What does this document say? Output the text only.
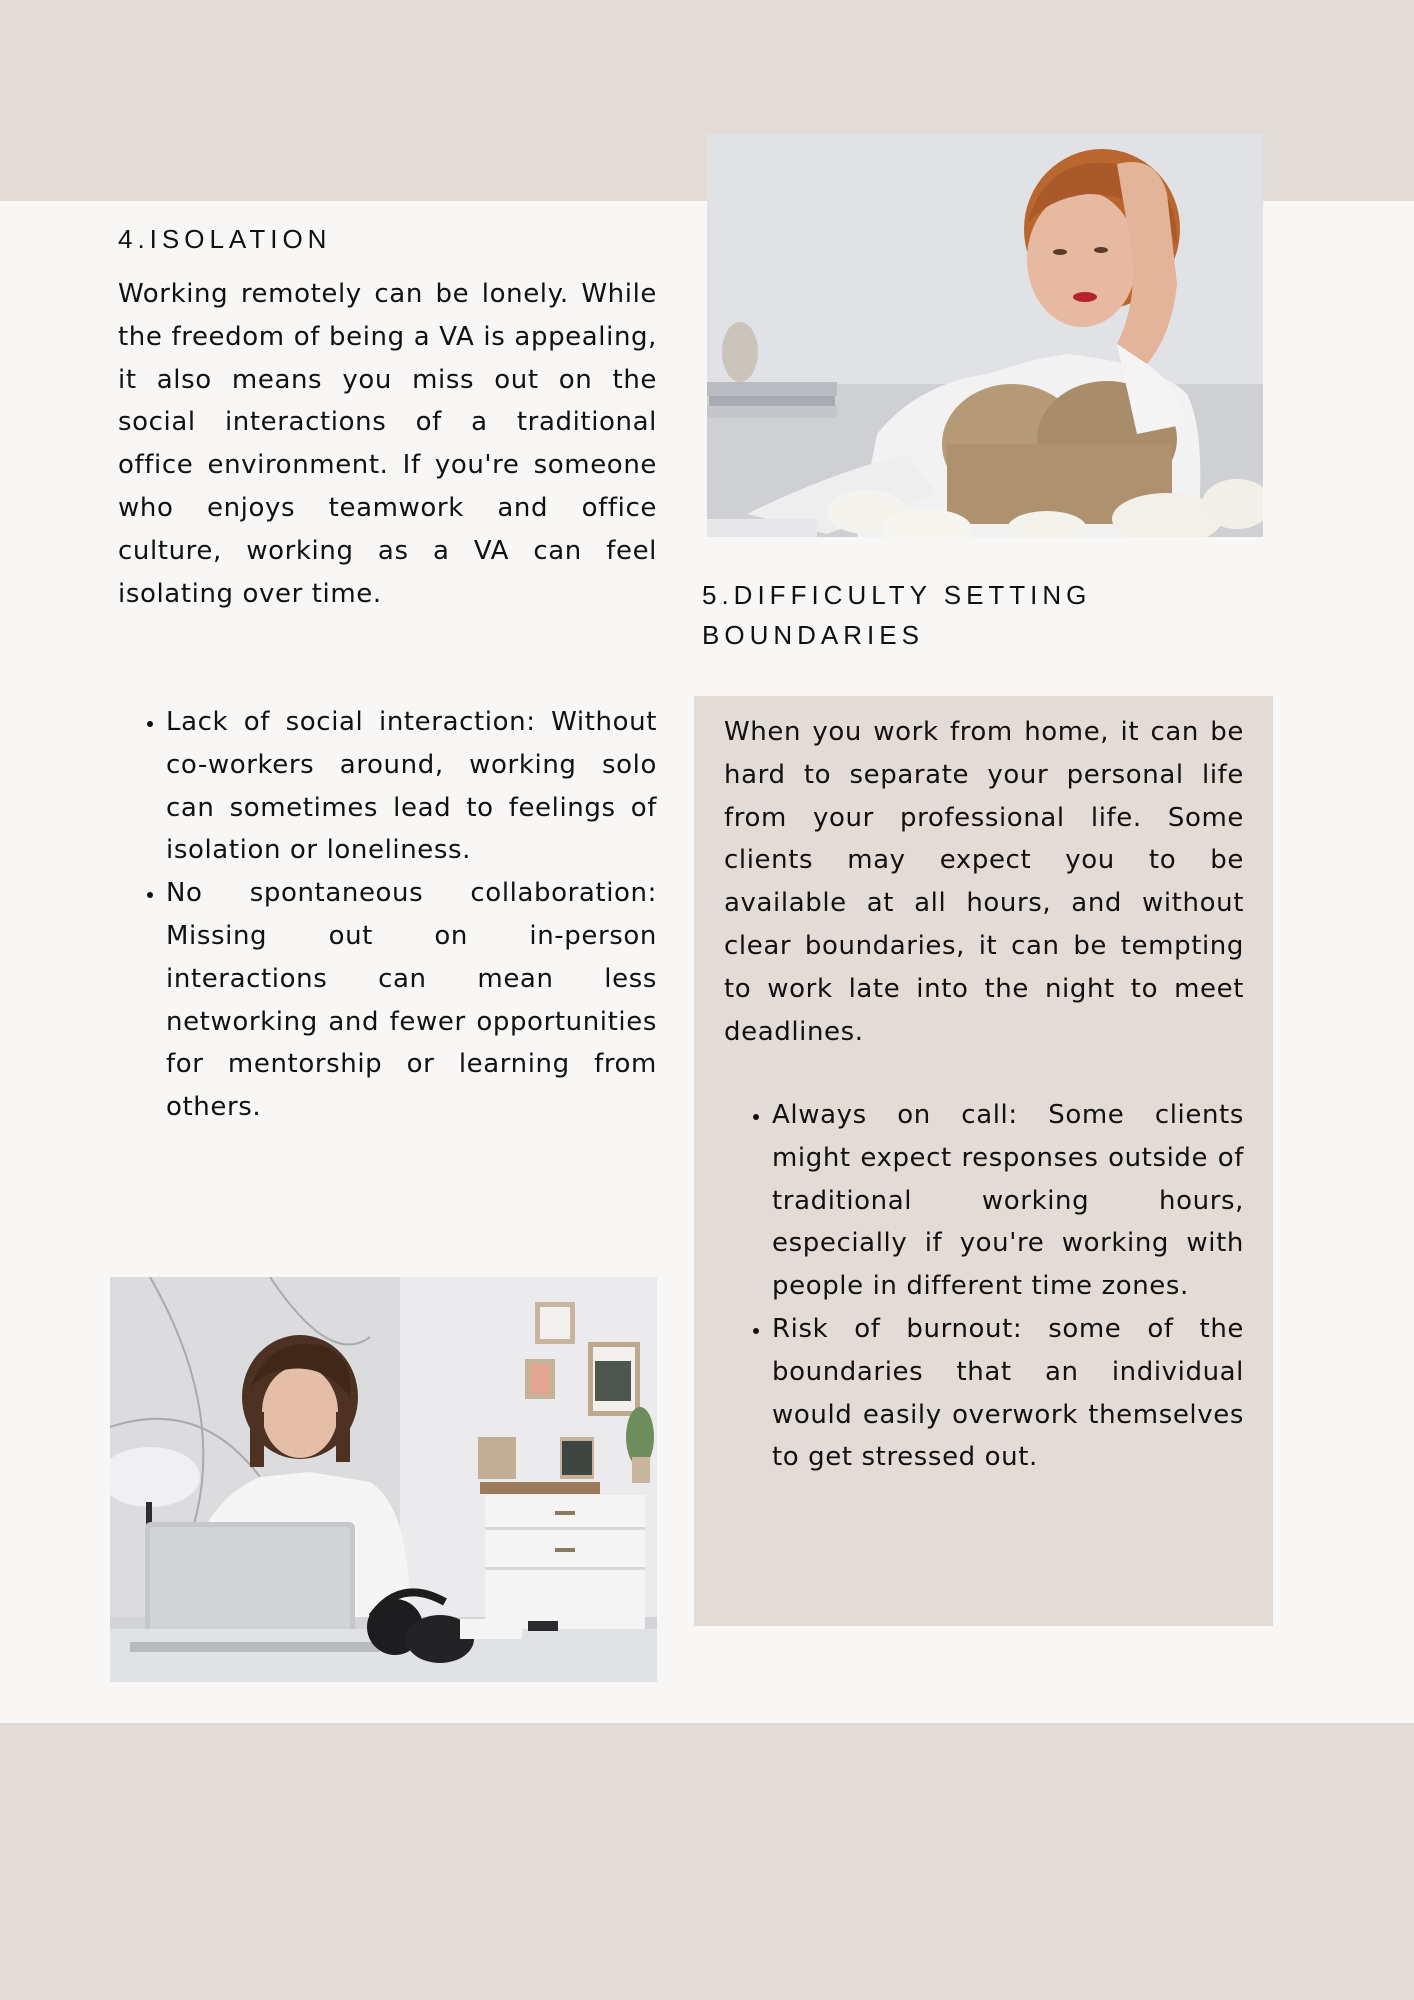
4.ISOLATION

Working remotely can be lonely. While the freedom of being a VA is appealing, it also means you miss out on the social interactions of a traditional office environment. If you're someone who enjoys teamwork and office culture, working as a VA can feel isolating over time.

• Lack of social interaction: Without co-workers around, working solo can sometimes lead to feelings of isolation or loneliness.
• No spontaneous collaboration: Missing out on in-person interactions can mean less networking and fewer opportunities for mentorship or learning from others.
5.DIFFICULTY SETTING
BOUNDARIES

When you work from home, it can be hard to separate your personal life from your professional life. Some clients may expect you to be available at all hours, and without clear boundaries, it can be tempting to work late into the night to meet deadlines.

• Always on call: Some clients might expect responses outside of traditional working hours, especially if you're working with people in different time zones.
• Risk of burnout: some of the boundaries that an individual would easily overwork themselves to get stressed out.
